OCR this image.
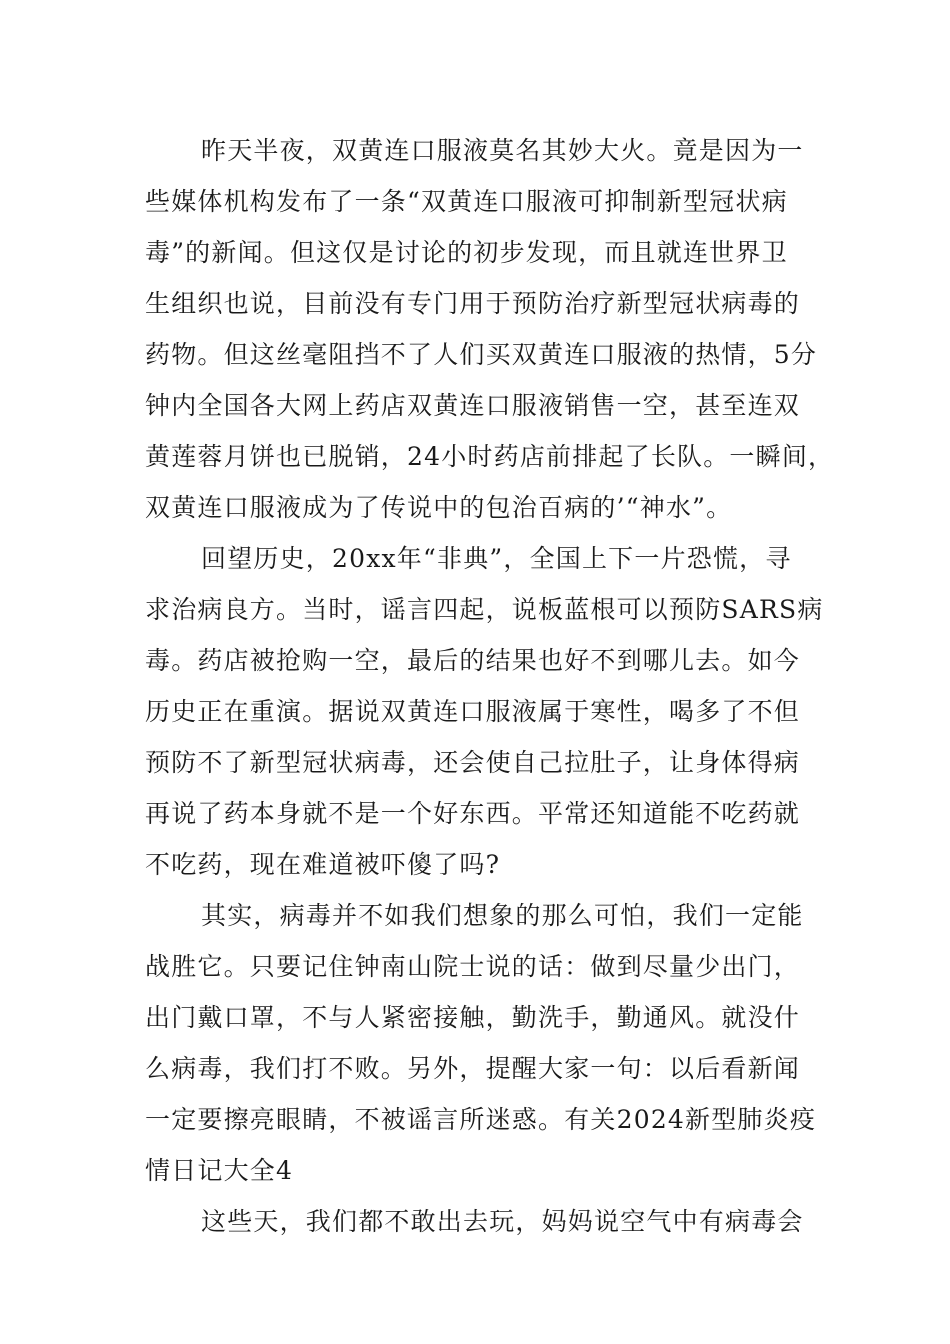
昨天半夜，双黄连口服液莫名其妙大火。竟是因为一
些媒体机构发布了一条“双黄连口服液可抑制新型冠状病
毒”的新闻。但这仅是讨论的初步发现，而且就连世界卫
生组织也说，目前没有专门用于预防治疗新型冠状病毒的
药物。但这丝毫阻挡不了人们买双黄连口服液的热情，5分
钟内全国各大网上药店双黄连口服液销售一空，甚至连双
黄莲蓉月饼也已脱销，24小时药店前排起了长队。一瞬间，
双黄连口服液成为了传说中的包治百病的’“神水”。
回望历史，20xx年“非典”，全国上下一片恐慌，寻
求治病良方。当时，谣言四起，说板蓝根可以预防SARS病
毒。药店被抢购一空，最后的结果也好不到哪儿去。如今
历史正在重演。据说双黄连口服液属于寒性，喝多了不但
预防不了新型冠状病毒，还会使自己拉肚子，让身体得病
再说了药本身就不是一个好东西。平常还知道能不吃药就
不吃药，现在难道被吓傻了吗?
其实，病毒并不如我们想象的那么可怕，我们一定能
战胜它。只要记住钟南山院士说的话：做到尽量少出门，
出门戴口罩，不与人紧密接触，勤洗手，勤通风。就没什
么病毒，我们打不败。另外，提醒大家一句：以后看新闻
一定要擦亮眼睛，不被谣言所迷惑。有关2024新型肺炎疫
情日记大全4
这些天，我们都不敢出去玩，妈妈说空气中有病毒会
